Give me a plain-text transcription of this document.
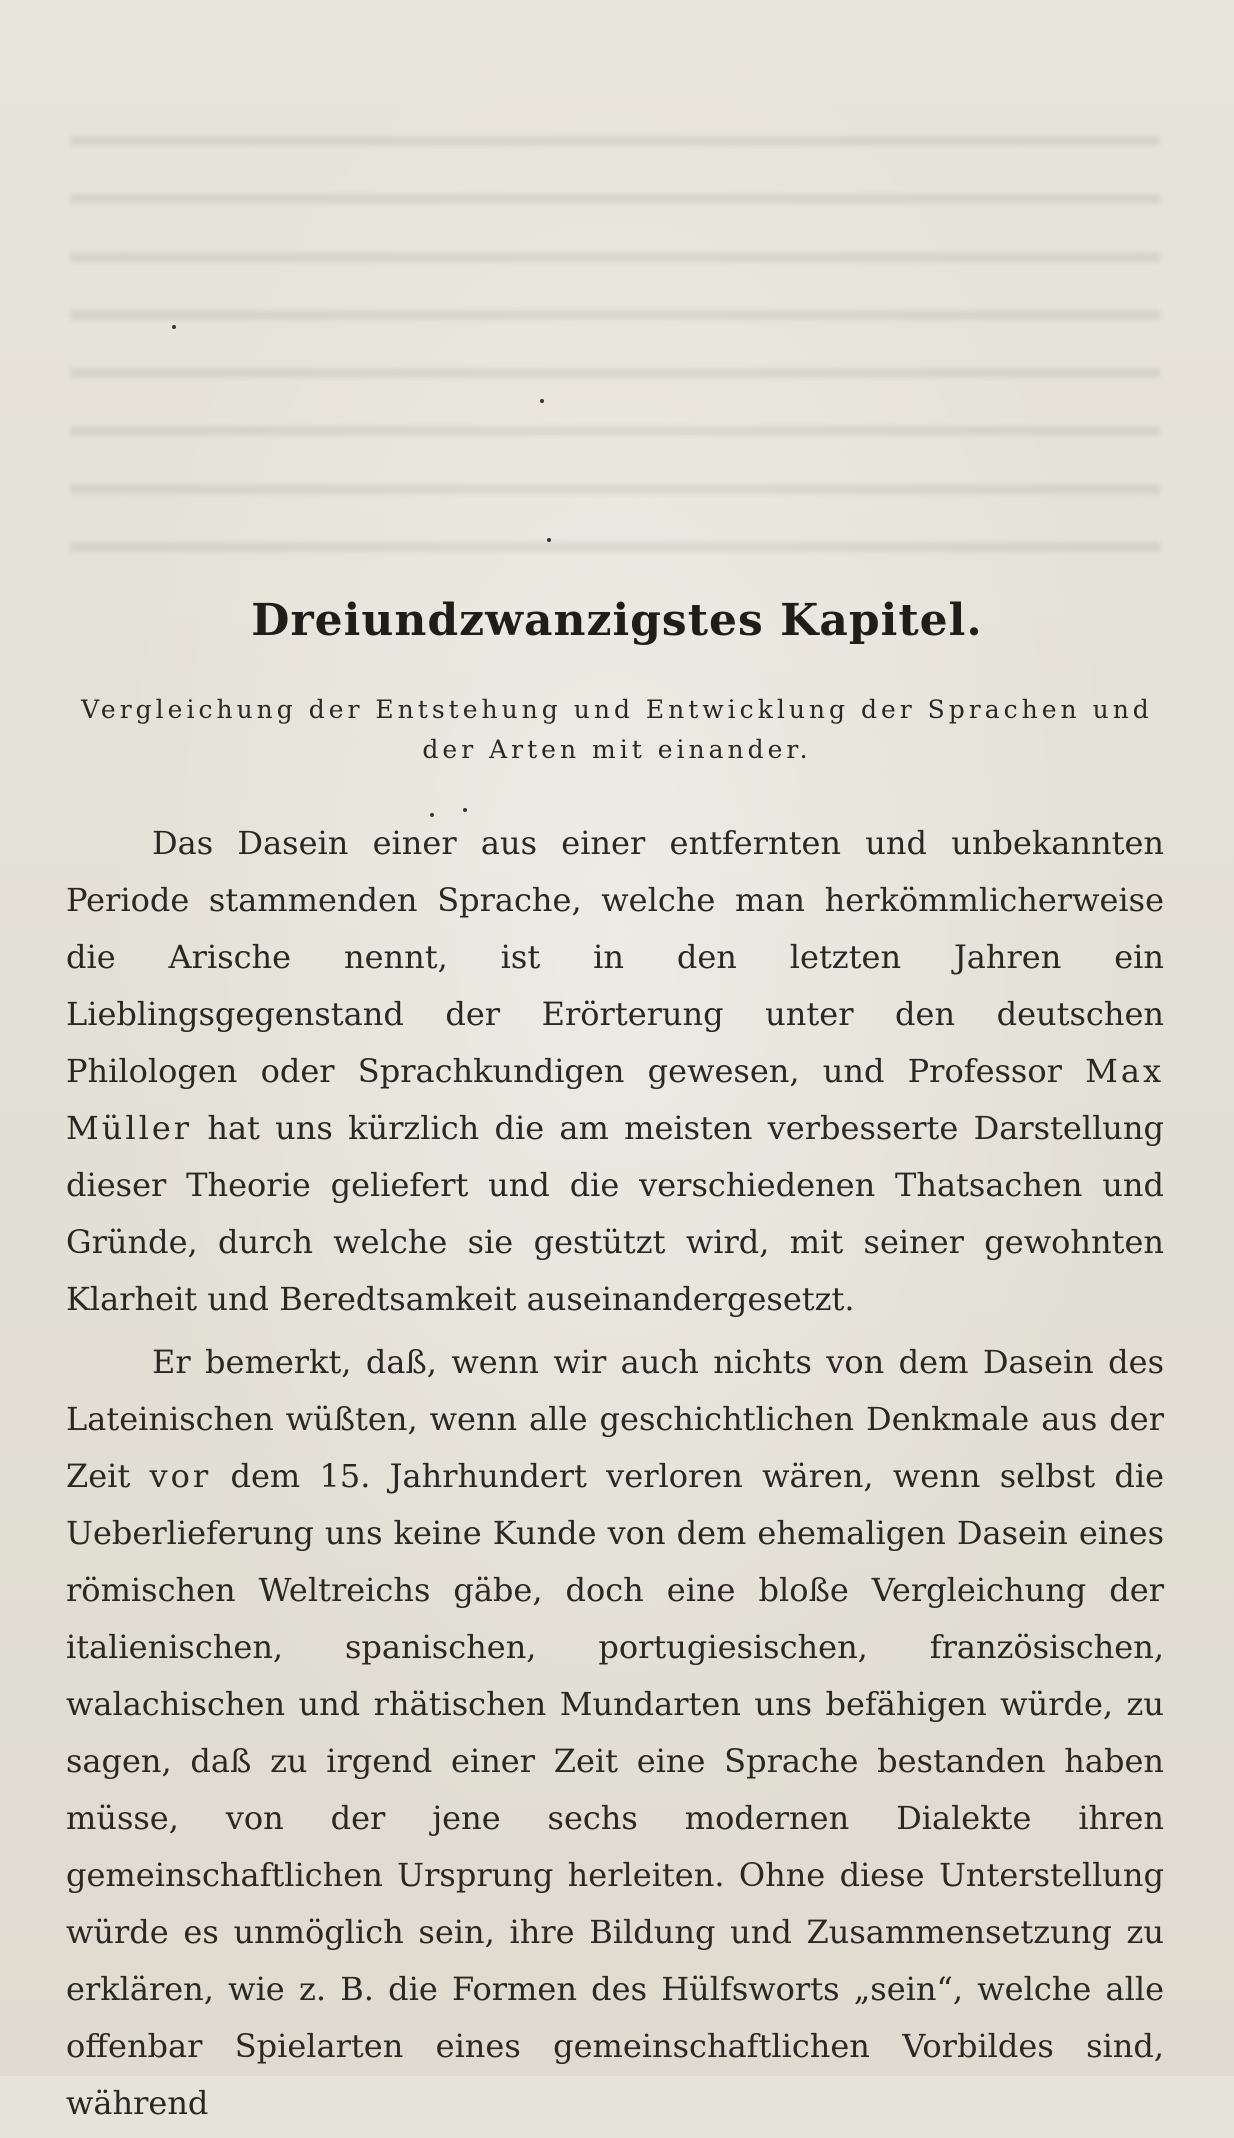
Dreiundzwanzigstes Kapitel.
Vergleichung der Entstehung und Entwicklung der Sprachen und der Arten mit einander.

Das Dasein einer aus einer entfernten und unbekannten Periode stammenden Sprache, welche man herkömmlicherweise die Arische nennt, ist in den letzten Jahren ein Lieblingsgegenstand der Erörterung unter den deutschen Philologen oder Sprachkundigen gewesen, und Professor Max Müller hat uns kürzlich die am meisten verbesserte Darstellung dieser Theorie geliefert und die verschiedenen Thatsachen und Gründe, durch welche sie gestützt wird, mit seiner gewohnten Klarheit und Beredtsamkeit auseinandergesetzt.

Er bemerkt, daß, wenn wir auch nichts von dem Dasein des Lateinischen wüßten, wenn alle geschichtlichen Denkmale aus der Zeit vor dem 15. Jahrhundert verloren wären, wenn selbst die Ueberlieferung uns keine Kunde von dem ehemaligen Dasein eines römischen Weltreichs gäbe, doch eine bloße Vergleichung der italienischen, spanischen, portugiesischen, französischen, walachischen und rhätischen Mundarten uns befähigen würde, zu sagen, daß zu irgend einer Zeit eine Sprache bestanden haben müsse, von der jene sechs modernen Dialekte ihren gemeinschaftlichen Ursprung herleiten. Ohne diese Unterstellung würde es unmöglich sein, ihre Bildung und Zusammensetzung zu erklären, wie z. B. die Formen des Hülfsworts „sein“, welche alle offenbar Spielarten eines gemeinschaftlichen Vorbildes sind, während
